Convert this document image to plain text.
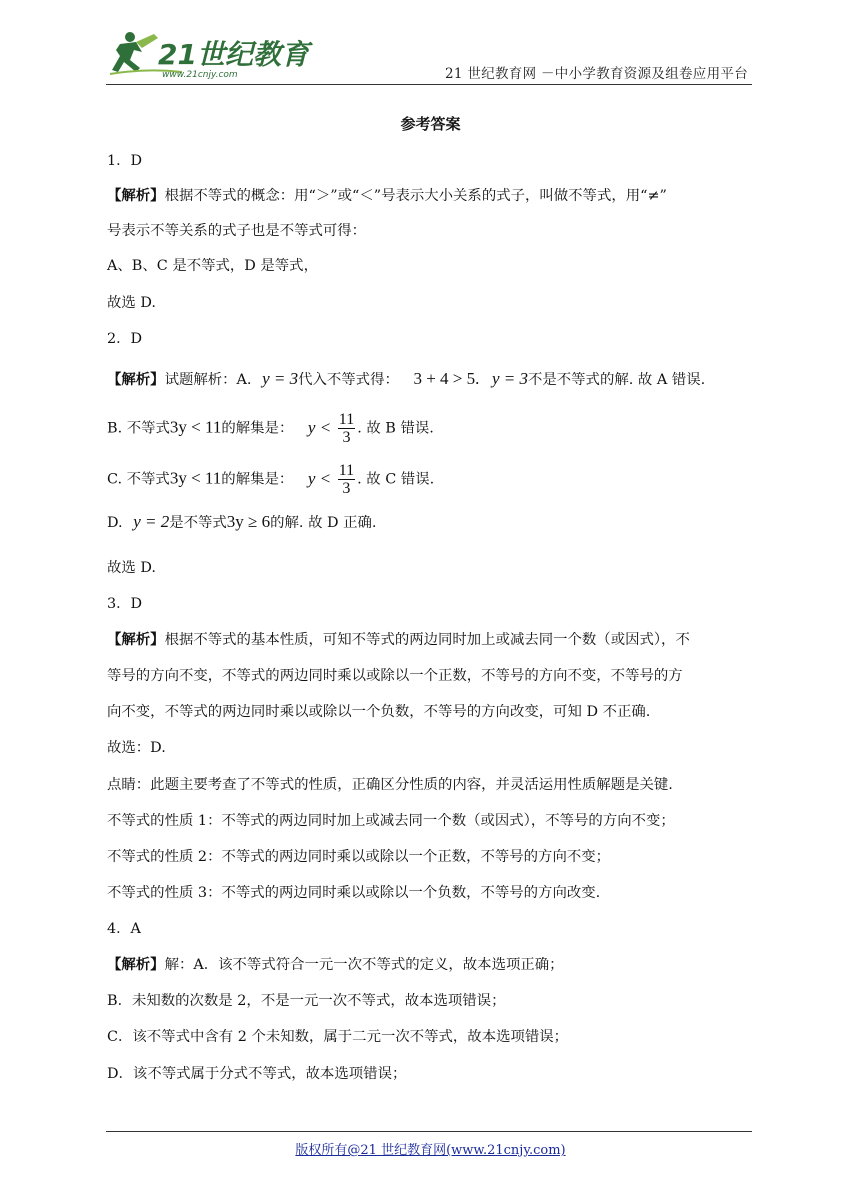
21世纪教育
www.21cnjy.com	21 世纪教育网 －中小学教育资源及组卷应用平台
参考答案
1．D
【解析】根据不等式的概念：用“＞”或“＜”号表示大小关系的式子，叫做不等式，用“≠”
号表示不等关系的式子也是不等式可得：
A、B、C 是不等式，D 是等式，
故选 D.
2．D
【解析】试题解析：A. y = 3代入不等式得： 3 + 4 > 5. y = 3不是不等式的解. 故 A 错误.
B. 不等式3y < 11的解集是： $y < \frac{11}{3}$ . 故 B 错误.
C. 不等式3y < 11的解集是： $y < \frac{11}{3}$ . 故 C 错误.
D. y = 2是不等式3y ≥ 6的解. 故 D 正确.
故选 D.
3．D
【解析】根据不等式的基本性质，可知不等式的两边同时加上或减去同一个数（或因式），不
等号的方向不变，不等式的两边同时乘以或除以一个正数，不等号的方向不变，不等号的方
向不变，不等式的两边同时乘以或除以一个负数，不等号的方向改变，可知 D 不正确.
故选：D.
点睛：此题主要考查了不等式的性质，正确区分性质的内容，并灵活运用性质解题是关键.
不等式的性质 1：不等式的两边同时加上或减去同一个数（或因式），不等号的方向不变；
不等式的性质 2：不等式的两边同时乘以或除以一个正数，不等号的方向不变；
不等式的性质 3：不等式的两边同时乘以或除以一个负数，不等号的方向改变.
4．A
【解析】解：A．该不等式符合一元一次不等式的定义，故本选项正确；
B．未知数的次数是 2，不是一元一次不等式，故本选项错误；
C．该不等式中含有 2 个未知数，属于二元一次不等式，故本选项错误；
D．该不等式属于分式不等式，故本选项错误；
版权所有@21 世纪教育网(www.21cnjy.com)
